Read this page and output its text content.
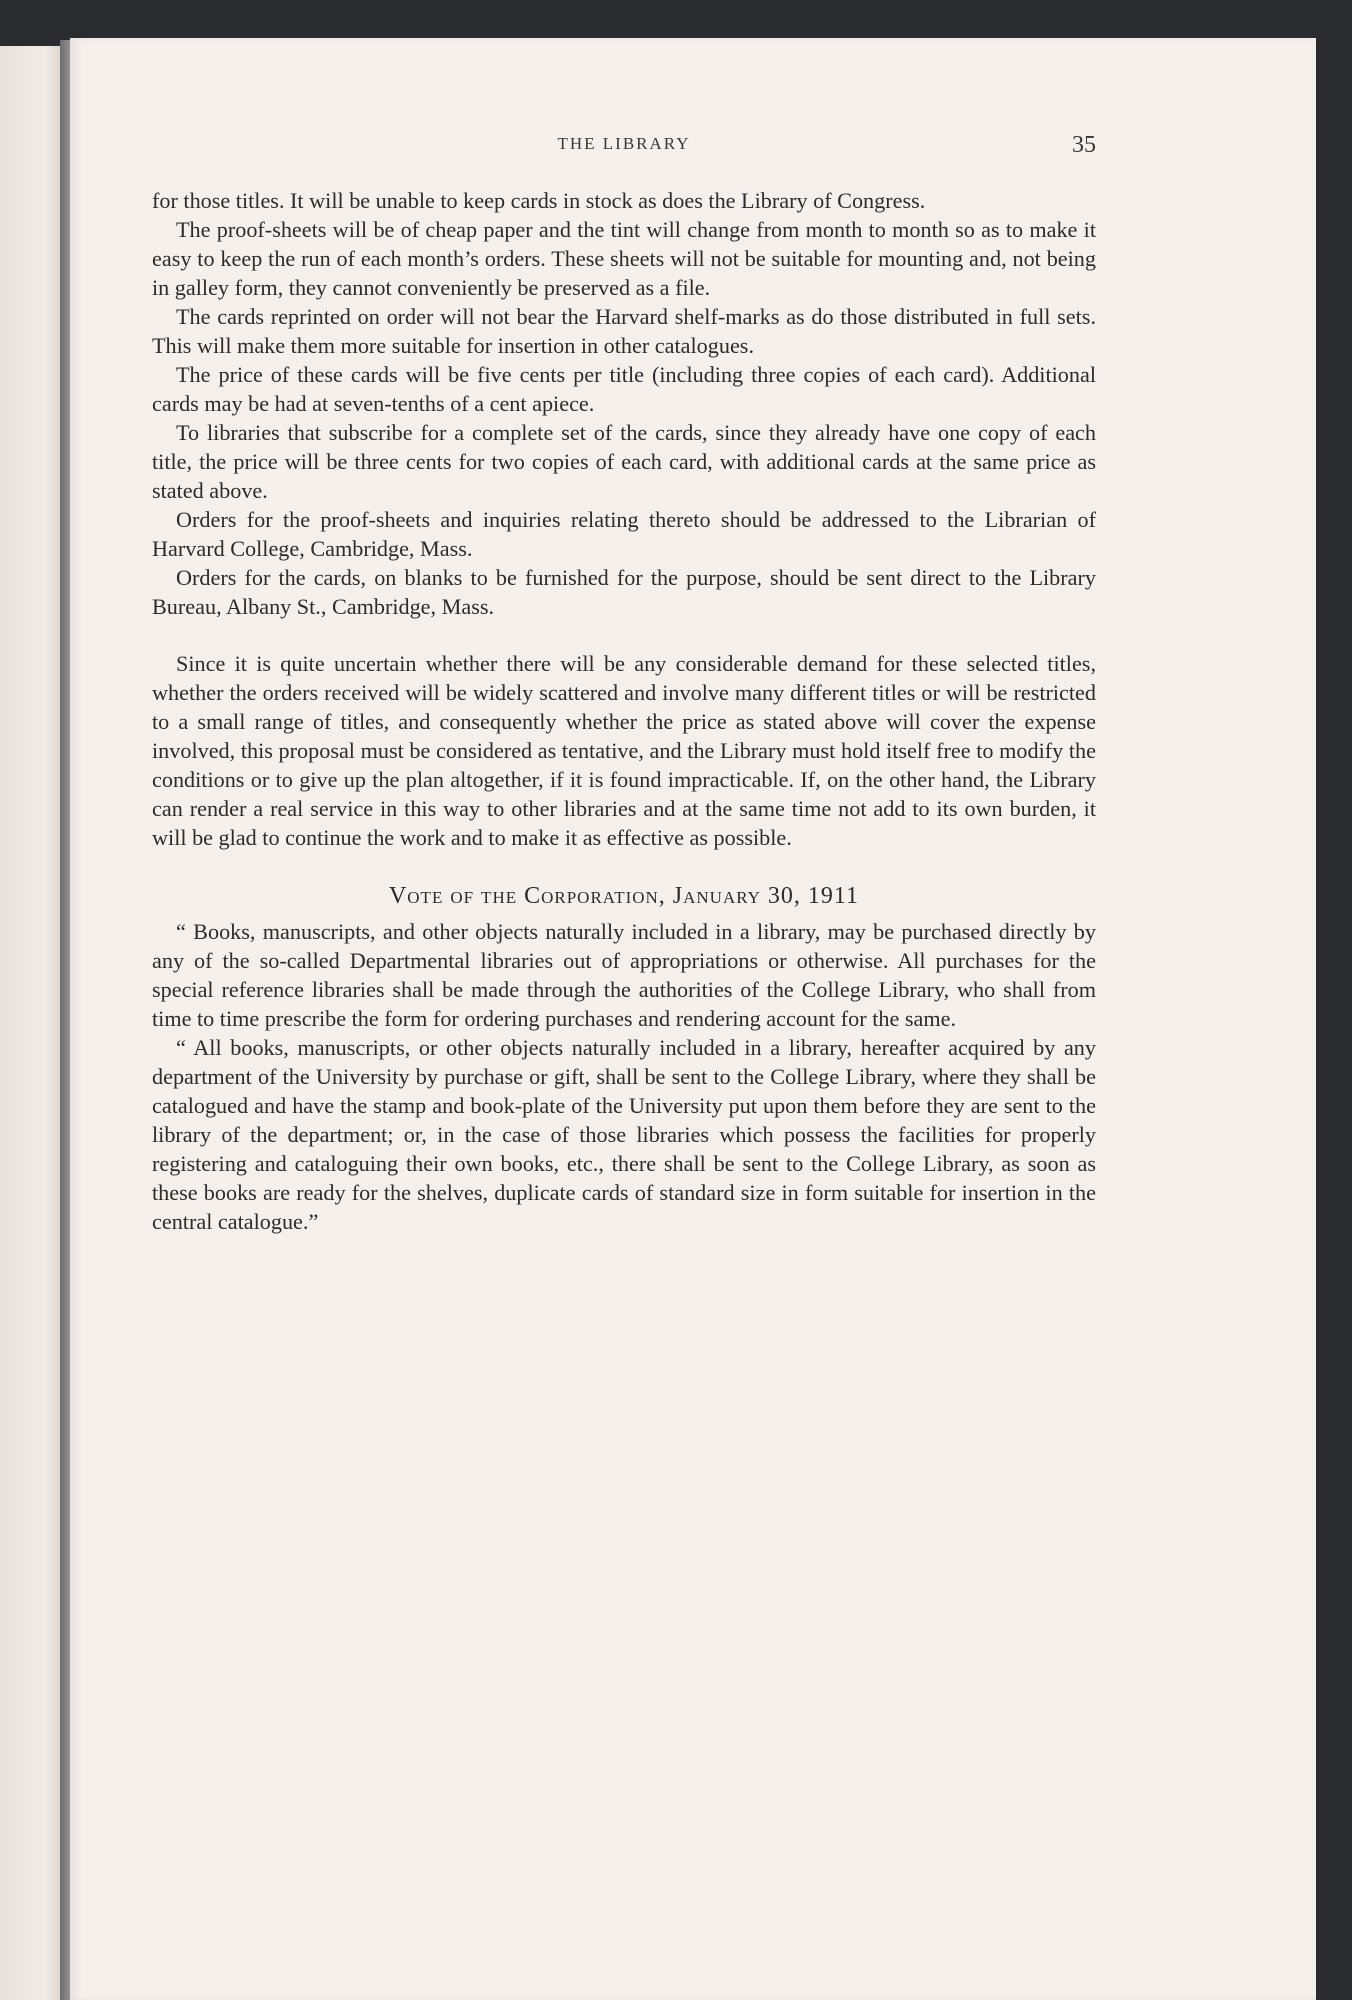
THE LIBRARY	35

for those titles. It will be unable to keep cards in stock as does the Library of Congress.

The proof-sheets will be of cheap paper and the tint will change from month to month so as to make it easy to keep the run of each month’s orders. These sheets will not be suitable for mounting and, not being in galley form, they cannot conveniently be preserved as a file.

The cards reprinted on order will not bear the Harvard shelf-marks as do those distributed in full sets. This will make them more suitable for insertion in other catalogues.

The price of these cards will be five cents per title (including three copies of each card). Additional cards may be had at seven-tenths of a cent apiece.

To libraries that subscribe for a complete set of the cards, since they already have one copy of each title, the price will be three cents for two copies of each card, with additional cards at the same price as stated above.

Orders for the proof-sheets and inquiries relating thereto should be addressed to the Librarian of Harvard College, Cambridge, Mass.

Orders for the cards, on blanks to be furnished for the purpose, should be sent direct to the Library Bureau, Albany St., Cambridge, Mass.

Since it is quite uncertain whether there will be any considerable demand for these selected titles, whether the orders received will be widely scattered and involve many different titles or will be restricted to a small range of titles, and consequently whether the price as stated above will cover the expense involved, this proposal must be considered as tentative, and the Library must hold itself free to modify the conditions or to give up the plan altogether, if it is found impracticable. If, on the other hand, the Library can render a real service in this way to other libraries and at the same time not add to its own burden, it will be glad to continue the work and to make it as effective as possible.

Vote of the Corporation, January 30, 1911

“ Books, manuscripts, and other objects naturally included in a library, may be purchased directly by any of the so-called Departmental libraries out of appropriations or otherwise. All purchases for the special reference libraries shall be made through the authorities of the College Library, who shall from time to time prescribe the form for ordering purchases and rendering account for the same.

“ All books, manuscripts, or other objects naturally included in a library, hereafter acquired by any department of the University by purchase or gift, shall be sent to the College Library, where they shall be catalogued and have the stamp and book-plate of the University put upon them before they are sent to the library of the department; or, in the case of those libraries which possess the facilities for properly registering and cataloguing their own books, etc., there shall be sent to the College Library, as soon as these books are ready for the shelves, duplicate cards of standard size in form suitable for insertion in the central catalogue.”
